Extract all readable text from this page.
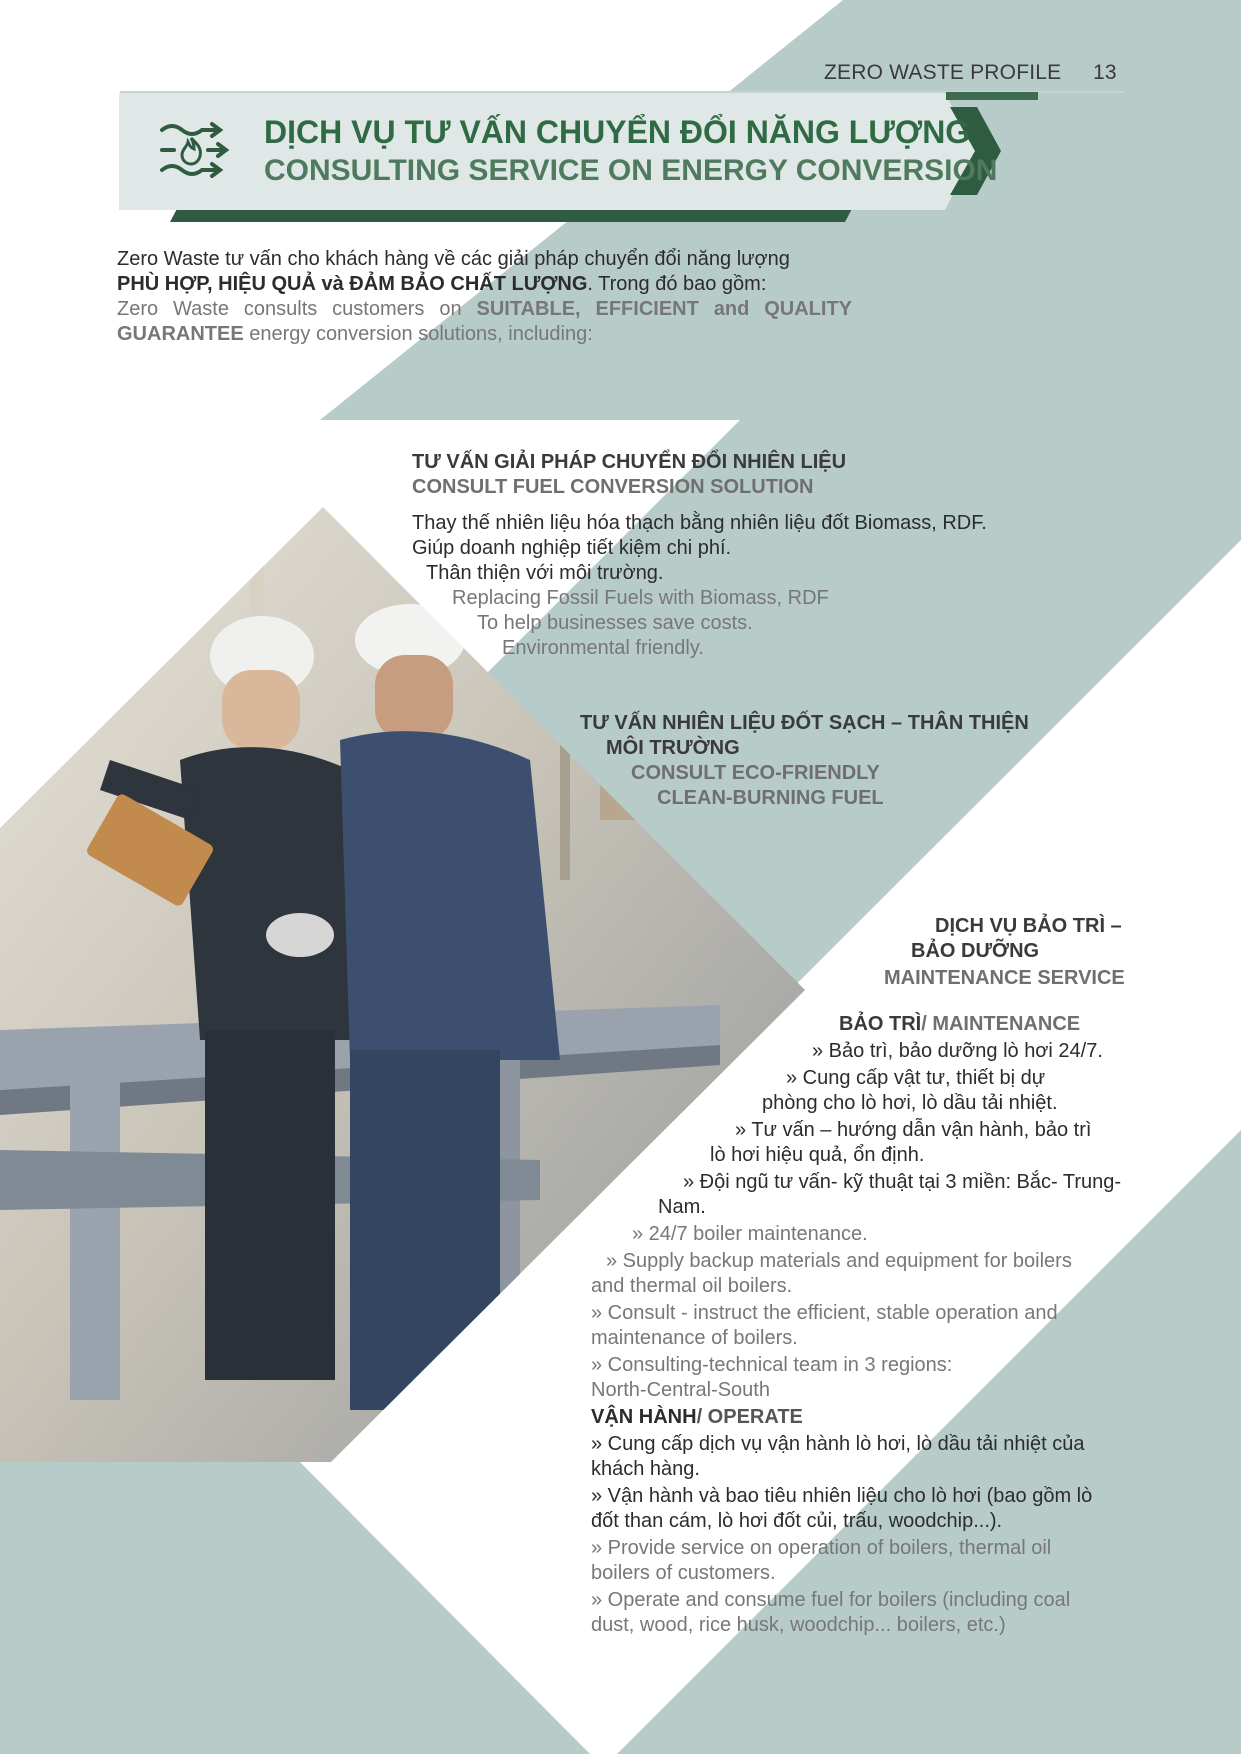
ZERO WASTE PROFILE 13
DỊCH VỤ TƯ VẤN CHUYỂN ĐỔI NĂNG LƯỢNG
CONSULTING SERVICE ON ENERGY CONVERSION
Zero Waste tư vấn cho khách hàng về các giải pháp chuyển đổi năng lượng
PHÙ HỢP, HIỆU QUẢ và ĐẢM BẢO CHẤT LƯỢNG. Trong đó bao gồm:
Zero Waste consults customers on SUITABLE, EFFICIENT and QUALITY
GUARANTEE energy conversion solutions, including:
TƯ VẤN GIẢI PHÁP CHUYỂN ĐỔI NHIÊN LIỆU
CONSULT FUEL CONVERSION SOLUTION
Thay thế nhiên liệu hóa thạch bằng nhiên liệu đốt Biomass, RDF.
Giúp doanh nghiệp tiết kiệm chi phí.
Thân thiện với môi trường.
Replacing Fossil Fuels with Biomass, RDF
To help businesses save costs.
Environmental friendly.
TƯ VẤN NHIÊN LIỆU ĐỐT SẠCH – THÂN THIỆN
MÔI TRƯỜNG
CONSULT ECO-FRIENDLY
CLEAN-BURNING FUEL
DỊCH VỤ BẢO TRÌ –
BẢO DƯỠNG
MAINTENANCE SERVICE
BẢO TRÌ/ MAINTENANCE
» Bảo trì, bảo dưỡng lò hơi 24/7.
» Cung cấp vật tư, thiết bị dự
phòng cho lò hơi, lò dầu tải nhiệt.
» Tư vấn – hướng dẫn vận hành, bảo trì
lò hơi hiệu quả, ổn định.
» Đội ngũ tư vấn- kỹ thuật tại 3 miền: Bắc- Trung-
Nam.
» 24/7 boiler maintenance.
» Supply backup materials and equipment for boilers
and thermal oil boilers.
» Consult - instruct the efficient, stable operation and
maintenance of boilers.
» Consulting-technical team in 3 regions:
North-Central-South
VẬN HÀNH/ OPERATE
» Cung cấp dịch vụ vận hành lò hơi, lò dầu tải nhiệt của
khách hàng.
» Vận hành và bao tiêu nhiên liệu cho lò hơi (bao gồm lò
đốt than cám, lò hơi đốt củi, trấu, woodchip...).
» Provide service on operation of boilers, thermal oil
boilers of customers.
» Operate and consume fuel for boilers (including coal
dust, wood, rice husk, woodchip... boilers, etc.)
